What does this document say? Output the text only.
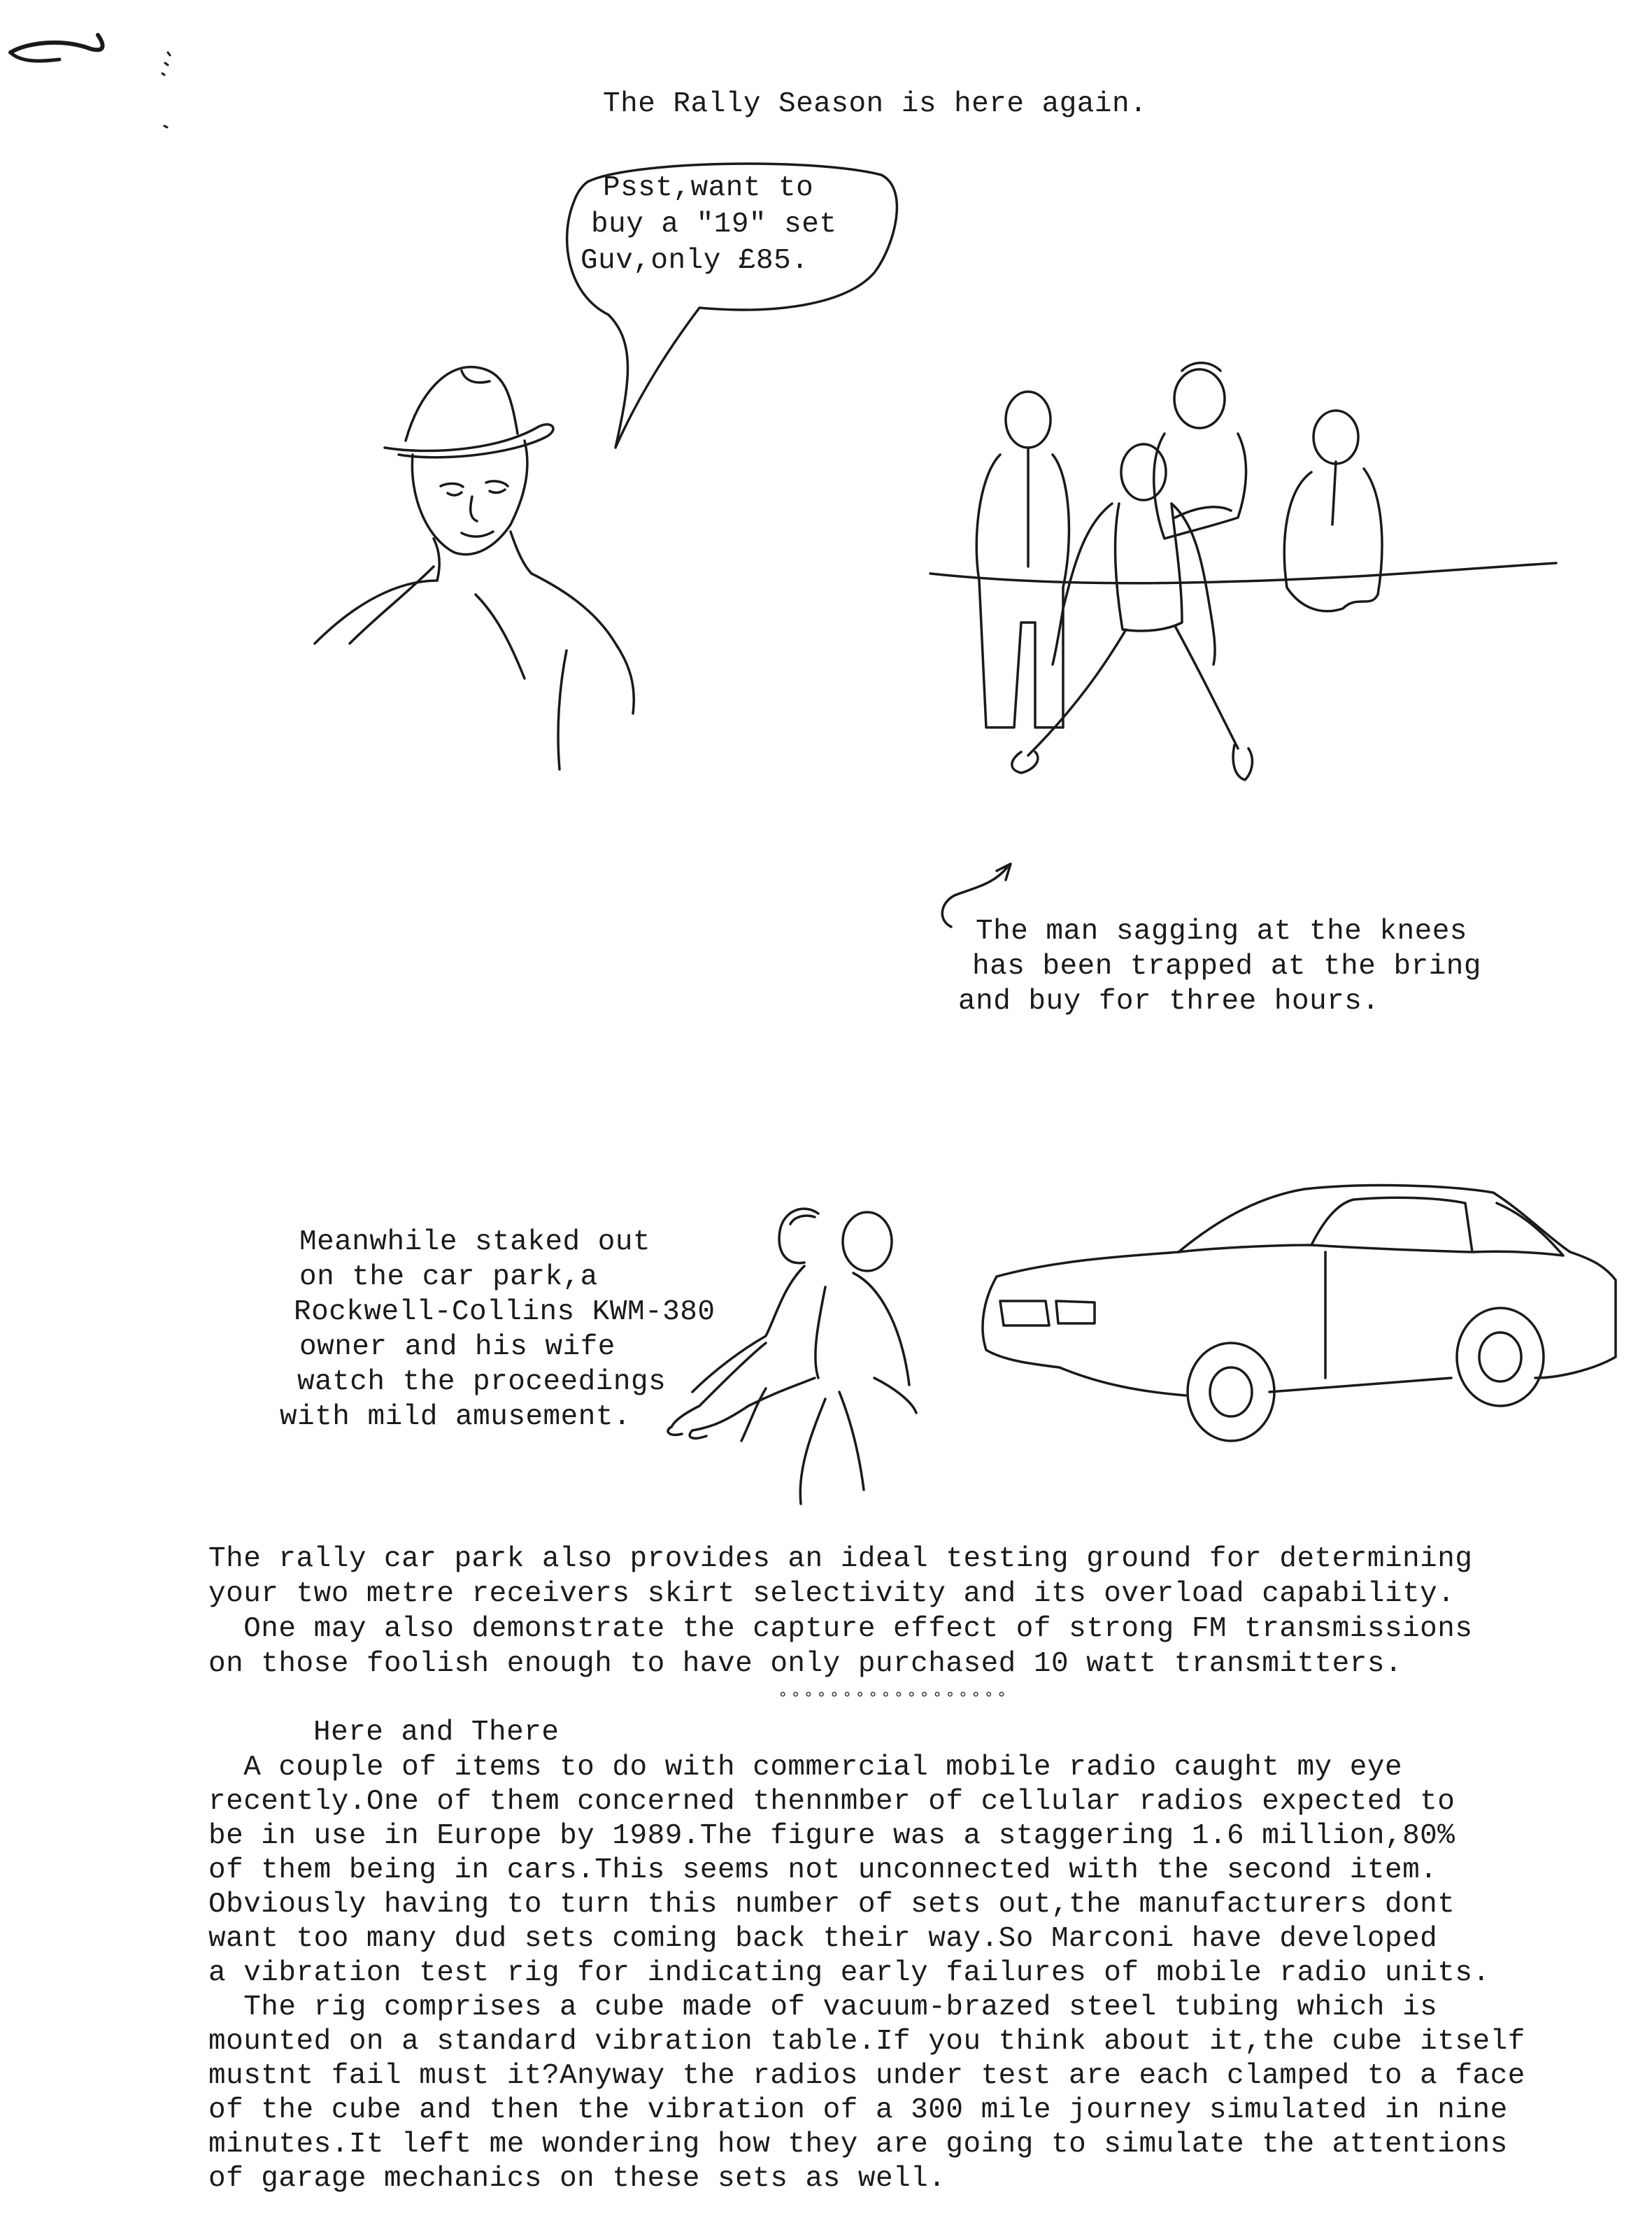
The Rally Season is here again.
Psst,want to
buy a "19" set
Guv,only £85.
The man sagging at the knees
has been trapped at the bring
and buy for three hours.
Meanwhile staked out
on the car park,a
Rockwell-Collins KWM-380
owner and his wife
watch the proceedings
with mild amusement.
The rally car park also provides an ideal testing ground for determining
your two metre receivers skirt selectivity and its overload capability.
One may also demonstrate the capture effect of strong FM transmissions
on those foolish enough to have only purchased 10 watt transmitters.
°°°°°°°°°°°°°°°°°°
Here and There
A couple of items to do with commercial mobile radio caught my eye
recently.One of them concerned thennmber of cellular radios expected to
be in use in Europe by 1989.The figure was a staggering 1.6 million,80%
of them being in cars.This seems not unconnected with the second item.
Obviously having to turn this number of sets out,the manufacturers dont
want too many dud sets coming back their way.So Marconi have developed
a vibration test rig for indicating early failures of mobile radio units.
The rig comprises a cube made of vacuum-brazed steel tubing which is
mounted on a standard vibration table.If you think about it,the cube itself
mustnt fail must it?Anyway the radios under test are each clamped to a face
of the cube and then the vibration of a 300 mile journey simulated in nine
minutes.It left me wondering how they are going to simulate the attentions
of garage mechanics on these sets as well.
